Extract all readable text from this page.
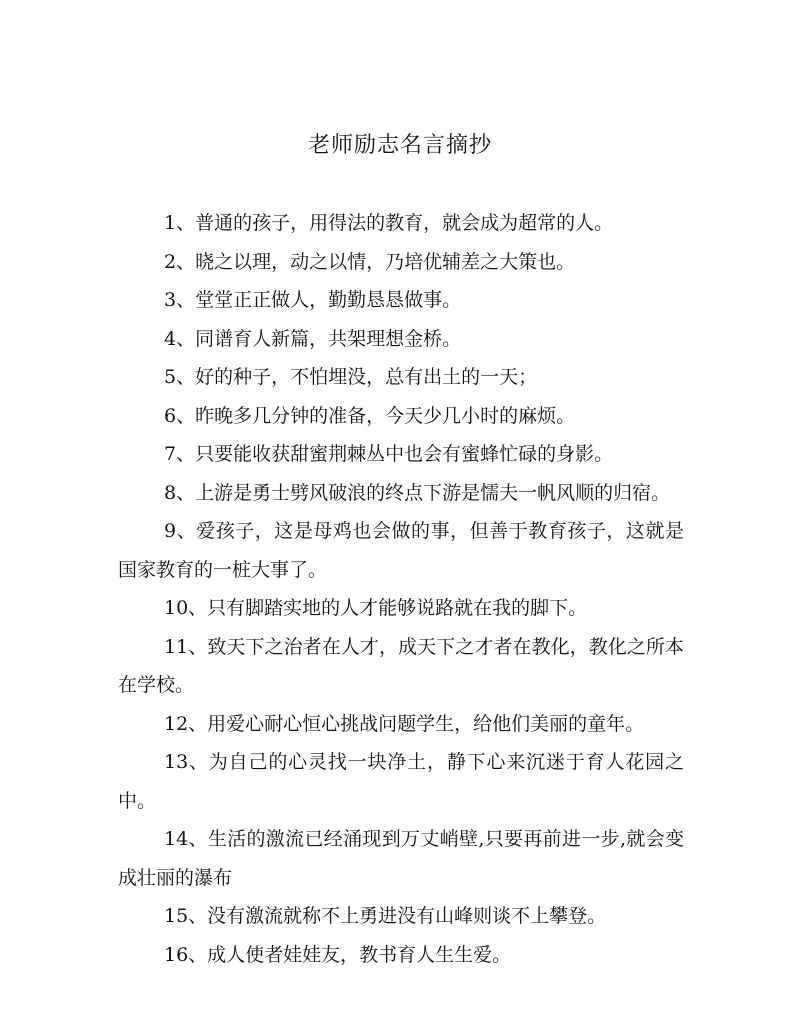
老师励志名言摘抄

1、普通的孩子，用得法的教育，就会成为超常的人。

2、晓之以理，动之以情，乃培优辅差之大策也。

3、堂堂正正做人，勤勤恳恳做事。

4、同谱育人新篇，共架理想金桥。

5、好的种子，不怕埋没，总有出土的一天；

6、昨晚多几分钟的准备，今天少几小时的麻烦。

7、只要能收获甜蜜荆棘丛中也会有蜜蜂忙碌的身影。

8、上游是勇士劈风破浪的终点下游是懦夫一帆风顺的归宿。

9、爱孩子，这是母鸡也会做的事，但善于教育孩子，这就是国家教育的一桩大事了。

10、只有脚踏实地的人才能够说路就在我的脚下。

11、致天下之治者在人才，成天下之才者在教化，教化之所本在学校。

12、用爱心耐心恒心挑战问题学生，给他们美丽的童年。

13、为自己的心灵找一块净土，静下心来沉迷于育人花园之中。

14、生活的激流已经涌现到万丈峭壁,只要再前进一步,就会变成壮丽的瀑布

15、没有激流就称不上勇进没有山峰则谈不上攀登。

16、成人使者娃娃友，教书育人生生爱。
